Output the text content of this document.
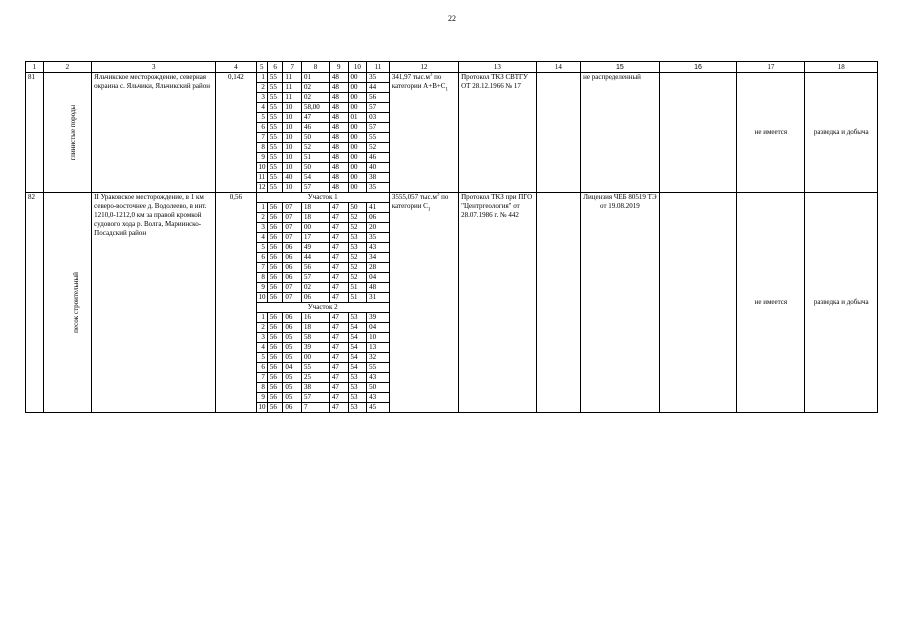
22
1	2	3	4	5	6	7	8	9	10	11	12	13	14	15	16	17	18
81	глинистые породы	Яльчикское месторождение, северная окраина с. Яльчики, Яльчикский район	0,142	1	55	11	01	48	00	35	341,97 $тыс.м^3$ по категории $А+В+С_1$	Протокол ТКЗ СВТГУ ОТ 28.12.1966 № 17		не распределенный		не имеется	разведка и добыча
				2	55	11	02	48	00	44							
				3	55	11	02	48	00	56							
				4	55	10	58,00	48	00	57							
				5	55	10	47	48	01	03							
				6	55	10	46	48	00	57							
				7	55	10	50	48	00	55							
				8	55	10	52	48	00	52							
				9	55	10	51	48	00	46							
				10	55	10	50	48	00	40							
				11	55	40	54	48	00	38							
				12	55	10	57	48	00	35							
82	песок строительный	II Ураковское месторождение, в 1 км северо-восточнее д. Водолеево, в инт. 1210,0-1212,0 км за правой кромкой судового хода р. Волга, Мариинско-Посадский район	0,56	Участок 1							3555,057 $тыс.м^3$ по категории $С_1$	Протокол ТКЗ при ПГО "Центргеология" от 28.07.1986 г. № 442		Лицензия ЧЕБ 80519 ТЭ от 19.08.2019		не имеется	разведка и добыча
				1	56	07	18	47	50	41							
				2	56	07	18	47	52	06							
				3	56	07	00	47	52	20							
				4	56	07	17	47	53	35							
				5	56	06	49	47	53	43							
				6	56	06	44	47	52	34							
				7	56	06	56	47	52	28							
				8	56	06	57	47	52	04							
				9	56	07	02	47	51	48							
				10	56	07	06	47	51	31							
				Участок 2													
				1	56	06	16	47	53	39							
				2	56	06	18	47	54	04							
				3	56	05	58	47	54	10							
				4	56	05	39	47	54	13							
				5	56	05	00	47	54	32							
				6	56	04	55	47	54	55							
				7	56	05	25	47	53	43							
				8	56	05	38	47	53	50							
				9	56	05	57	47	53	43							
				10	56	06	7	47	53	45							
